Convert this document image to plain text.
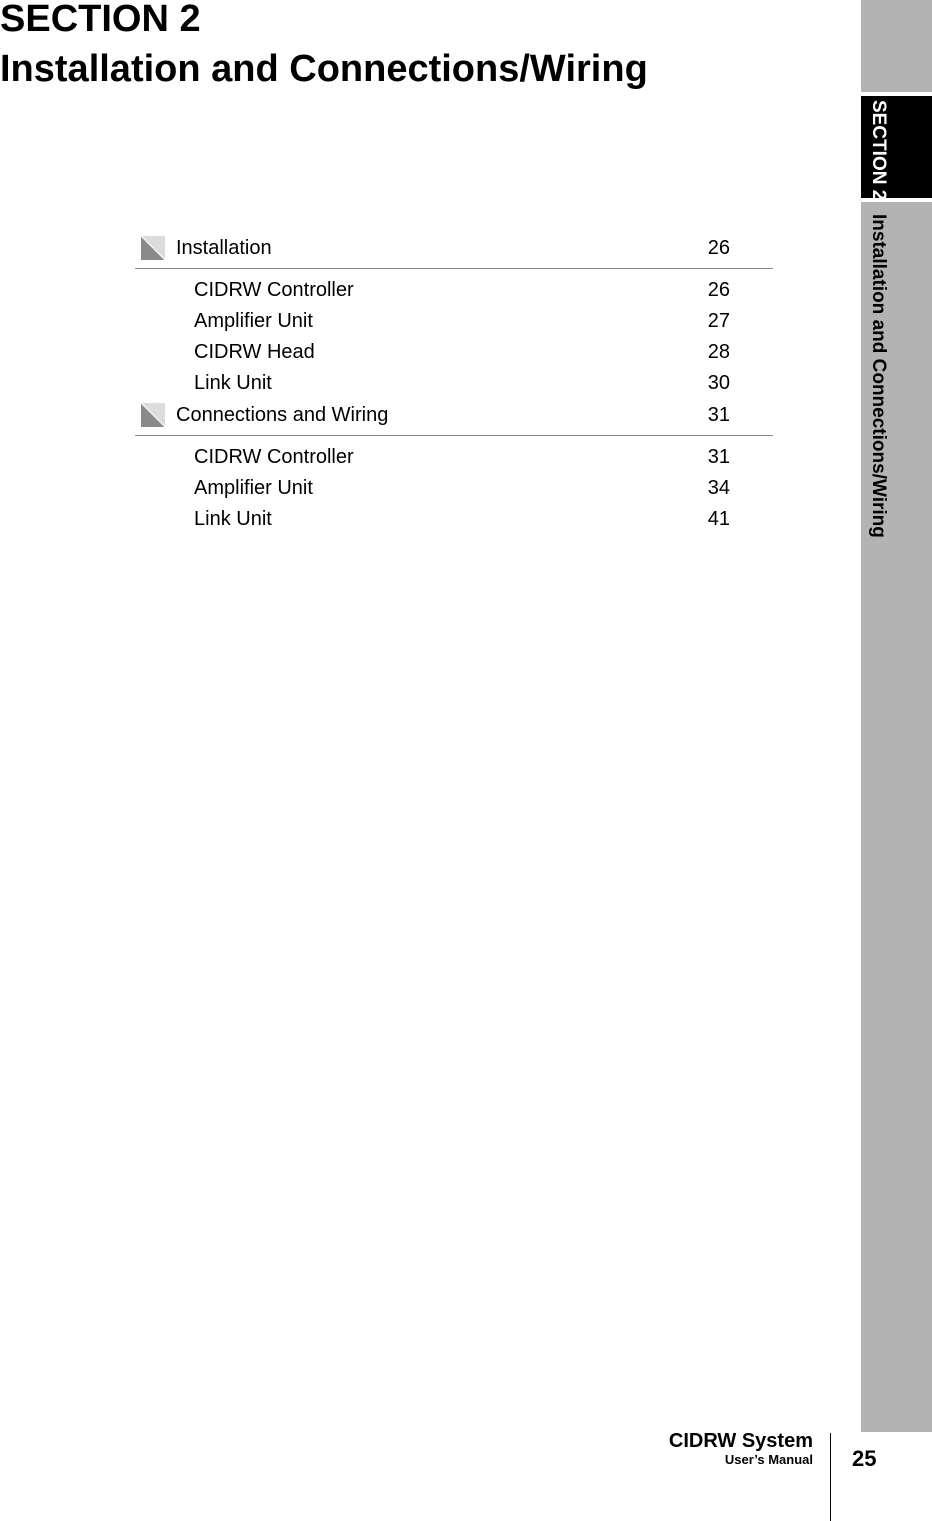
SECTION 2
Installation and Connections/Wiring
SECTION 2
Installation and Connections/Wiring
Installation	26
CIDRW Controller	26
Amplifier Unit	27
CIDRW Head	28
Link Unit	30
Connections and Wiring	31
CIDRW Controller	31
Amplifier Unit	34
Link Unit	41
CIDRW System
User’s Manual 25
